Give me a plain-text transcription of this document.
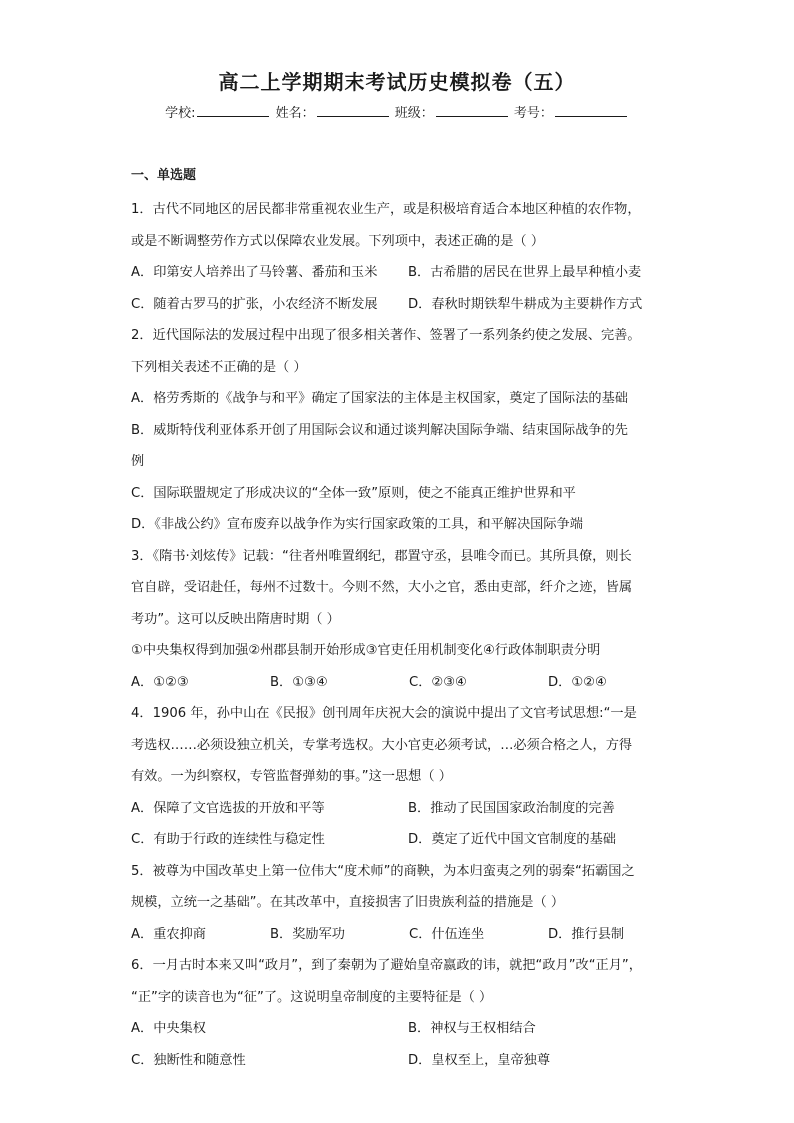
高二上学期期末考试历史模拟卷（五）
学校:	姓名：	班级：	考号：
一、单选题
1．古代不同地区的居民都非常重视农业生产，或是积极培育适合本地区种植的农作物，
或是不断调整劳作方式以保障农业发展。下列项中，表述正确的是（ ）
A．印第安人培养出了马铃薯、番茄和玉米	B．古希腊的居民在世界上最早种植小麦
C．随着古罗马的扩张，小农经济不断发展	D．春秋时期铁犁牛耕成为主要耕作方式
2．近代国际法的发展过程中出现了很多相关著作、签署了一系列条约使之发展、完善。
下列相关表述不正确的是（ ）
A．格劳秀斯的《战争与和平》确定了国家法的主体是主权国家，奠定了国际法的基础
B．威斯特伐利亚体系开创了用国际会议和通过谈判解决国际争端、结束国际战争的先
例
C．国际联盟规定了形成决议的“全体一致”原则，使之不能真正维护世界和平
D．《非战公约》宣布废弃以战争作为实行国家政策的工具，和平解决国际争端
3．《隋书·刘炫传》记载：“往者州唯置纲纪，郡置守丞，县唯令而已。其所具僚，则长
官自辟，受诏赴任，每州不过数十。今则不然，大小之官，悉由吏部，纤介之迹，皆属
考功”。这可以反映出隋唐时期（ ）
①中央集权得到加强②州郡县制开始形成③官吏任用机制变化④行政体制职责分明
A．①②③	B．①③④	C．②③④	D．①②④
4．1906 年，孙中山在《民报》创刊周年庆祝大会的演说中提出了文官考试思想:“一是
考选权……必须设独立机关，专掌考选权。大小官吏必须考试，…必须合格之人，方得
有效。一为纠察权，专管监督弹劾的事。”这一思想（ ）
A．保障了文官选拔的开放和平等	B．推动了民国国家政治制度的完善
C．有助于行政的连续性与稳定性	D．奠定了近代中国文官制度的基础
5．被尊为中国改革史上第一位伟大“度术师”的商鞅，为本归蛮夷之列的弱秦“拓霸国之
规模，立统一之基础”。在其改革中，直接损害了旧贵族利益的措施是（ ）
A．重农抑商	B．奖励军功	C．什伍连坐	D．推行县制
6．一月古时本来又叫“政月”，到了秦朝为了避始皇帝嬴政的讳，就把“政月”改“正月”，
“正”字的读音也为“征”了。这说明皇帝制度的主要特征是（ ）
A．中央集权	B．神权与王权相结合
C．独断性和随意性	D．皇权至上，皇帝独尊
